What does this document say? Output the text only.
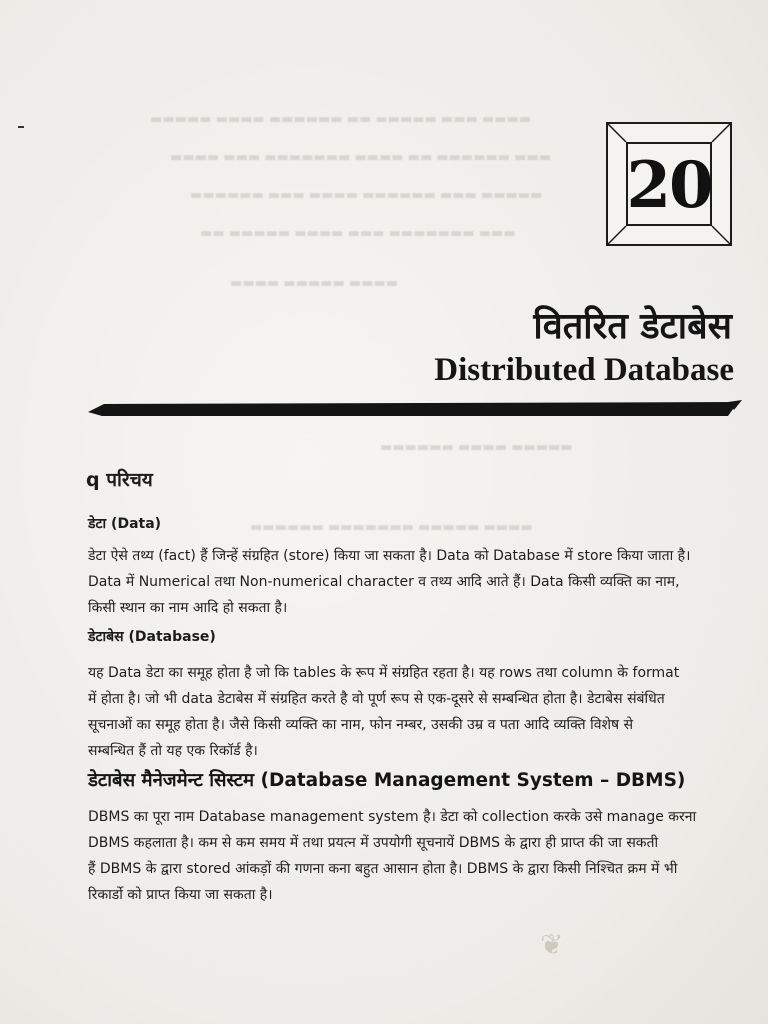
▬▬▬▬ ▬▬▬ ▬▬▬▬▬ ▬▬ ▬▬▬▬▬▬ ▬▬▬▬ ▬▬▬▬▬
▬▬▬ ▬▬▬▬▬▬ ▬▬ ▬▬▬▬ ▬▬▬▬▬▬▬ ▬▬▬ ▬▬▬▬
▬▬▬▬▬ ▬▬▬ ▬▬▬▬▬▬ ▬▬▬▬ ▬▬▬ ▬▬▬▬▬▬
▬▬▬ ▬▬▬▬▬▬▬ ▬▬▬ ▬▬▬▬ ▬▬▬▬▬ ▬▬
▬▬▬▬ ▬▬▬▬▬ ▬▬▬▬
▬▬▬▬▬ ▬▬▬▬ ▬▬▬▬▬▬
▬▬▬▬ ▬▬▬▬▬ ▬▬▬▬▬▬▬ ▬▬▬▬▬▬
20
वितरित डेटाबेस
Distributed Database
q परिचय
डेटा (Data)
डेटा ऐसे तथ्य (fact) हैं जिन्हें संग्रहित (store) किया जा सकता है। Data को Database में store किया जाता है।
Data में Numerical तथा Non-numerical character व तथ्य आदि आते हैं। Data किसी व्यक्ति का नाम,
किसी स्थान का नाम आदि हो सकता है।
डेटाबेस (Database)
यह Data डेटा का समूह होता है जो कि tables के रूप में संग्रहित रहता है। यह rows तथा column के format
में होता है। जो भी data डेटाबेस में संग्रहित करते है वो पूर्ण रूप से एक-दूसरे से सम्बन्धित होता है। डेटाबेस संबंधित
सूचनाओं का समूह होता है। जैसे किसी व्यक्ति का नाम, फोन नम्बर, उसकी उम्र व पता आदि व्यक्ति विशेष से
सम्बन्धित हैं तो यह एक रिकॉर्ड है।
डेटाबेस मैनेजमेन्ट सिस्टम (Database Management System – DBMS)
DBMS का पूरा नाम Database management system है। डेटा को collection करके उसे manage करना
DBMS कहलाता है। कम से कम समय में तथा प्रयत्न में उपयोगी सूचनायें DBMS के द्वारा ही प्राप्त की जा सकती
हैं DBMS के द्वारा stored आंकड़ों की गणना कना बहुत आसान होता है। DBMS के द्वारा किसी निश्चित क्रम में भी
रिकार्डो को प्राप्त किया जा सकता है।
❦
